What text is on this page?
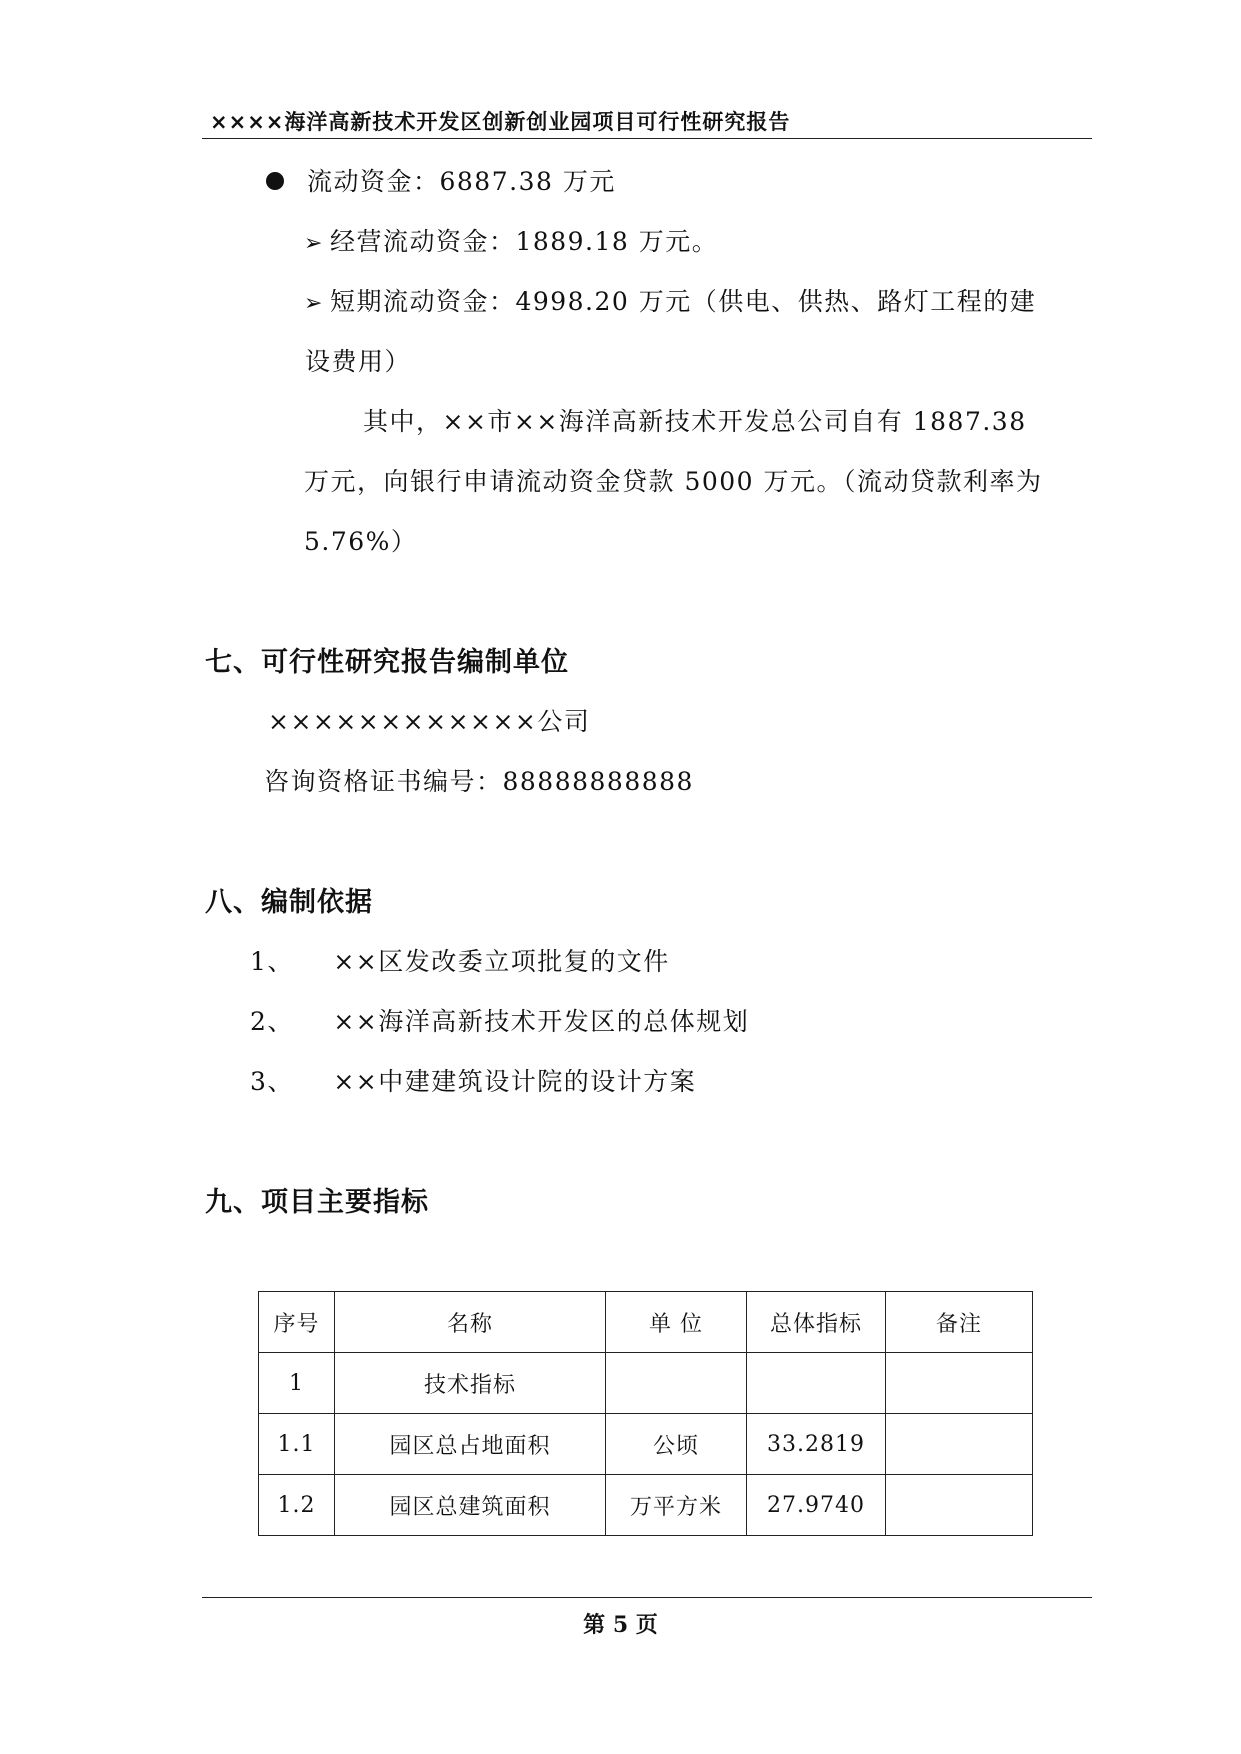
××××海洋高新技术开发区创新创业园项目可行性研究报告
流动资金：6887.38 万元
➢ 经营流动资金：1889.18 万元。
➢ 短期流动资金：4998.20 万元（供电、供热、路灯工程的建
设费用）
其中，××市××海洋高新技术开发总公司自有 1887.38
万元，向银行申请流动资金贷款 5000 万元。（流动贷款利率为
5.76%）
七、可行性研究报告编制单位
××××××××××××公司
咨询资格证书编号：88888888888
八、编制依据
1、 ××区发改委立项批复的文件
2、 ××海洋高新技术开发区的总体规划
3、 ××中建建筑设计院的设计方案
九、项目主要指标
序号	名称	单 位	总体指标	备注
1	技术指标			
1.1	园区总占地面积	公顷	33.2819	
1.2	园区总建筑面积	万平方米	27.9740	
第 5 页
